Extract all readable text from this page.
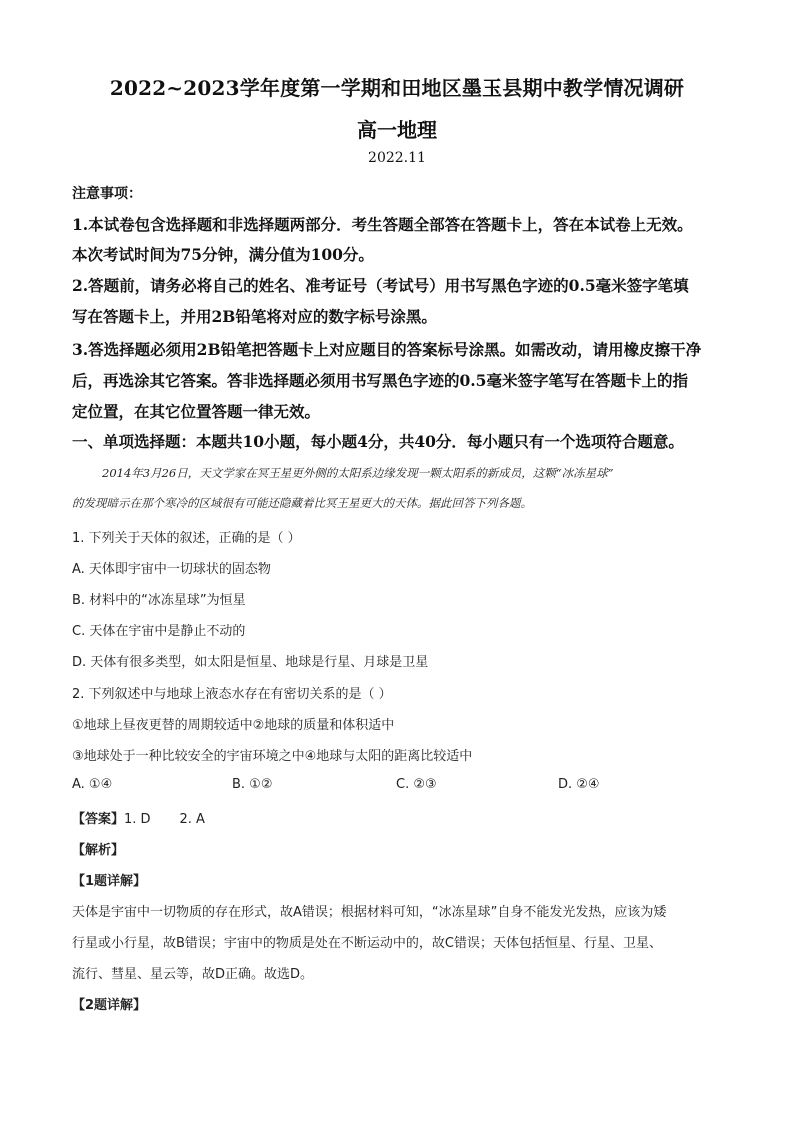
2022~2023学年度第一学期和田地区墨玉县期中教学情况调研
高一地理
2022.11
注意事项：
1.本试卷包含选择题和非选择题两部分．考生答题全部答在答题卡上，答在本试卷上无效。
本次考试时间为75分钟，满分值为100分。
2.答题前，请务必将自己的姓名、准考证号（考试号）用书写黑色字迹的0.5毫米签字笔填
写在答题卡上，并用2B铅笔将对应的数字标号涂黑。
3.答选择题必须用2B铅笔把答题卡上对应题目的答案标号涂黑。如需改动，请用橡皮擦干净
后，再选涂其它答案。答非选择题必须用书写黑色字迹的0.5毫米签字笔写在答题卡上的指
定位置，在其它位置答题一律无效。
一、单项选择题：本题共10小题，每小题4分，共40分．每小题只有一个选项符合题意。
2014年3月26日，天文学家在冥王星更外侧的太阳系边缘发现一颗太阳系的新成员，这颗“冰冻星球”
的发现暗示在那个寒冷的区域很有可能还隐藏着比冥王星更大的天体。据此回答下列各题。
1. 下列关于天体的叙述，正确的是（ ）
A. 天体即宇宙中一切球状的固态物
B. 材料中的“冰冻星球”为恒星
C. 天体在宇宙中是静止不动的
D. 天体有很多类型，如太阳是恒星、地球是行星、月球是卫星
2. 下列叙述中与地球上液态水存在有密切关系的是（ ）
①地球上昼夜更替的周期较适中②地球的质量和体积适中
③地球处于一种比较安全的宇宙环境之中④地球与太阳的距离比较适中
A. ①④	B. ①②	C. ②③	D. ②④
【答案】1. D       2. A
【解析】
【1题详解】
天体是宇宙中一切物质的存在形式，故A错误；根据材料可知，“冰冻星球”自身不能发光发热，应该为矮
行星或小行星，故B错误；宇宙中的物质是处在不断运动中的，故C错误；天体包括恒星、行星、卫星、
流行、彗星、星云等，故D正确。故选D。
【2题详解】
